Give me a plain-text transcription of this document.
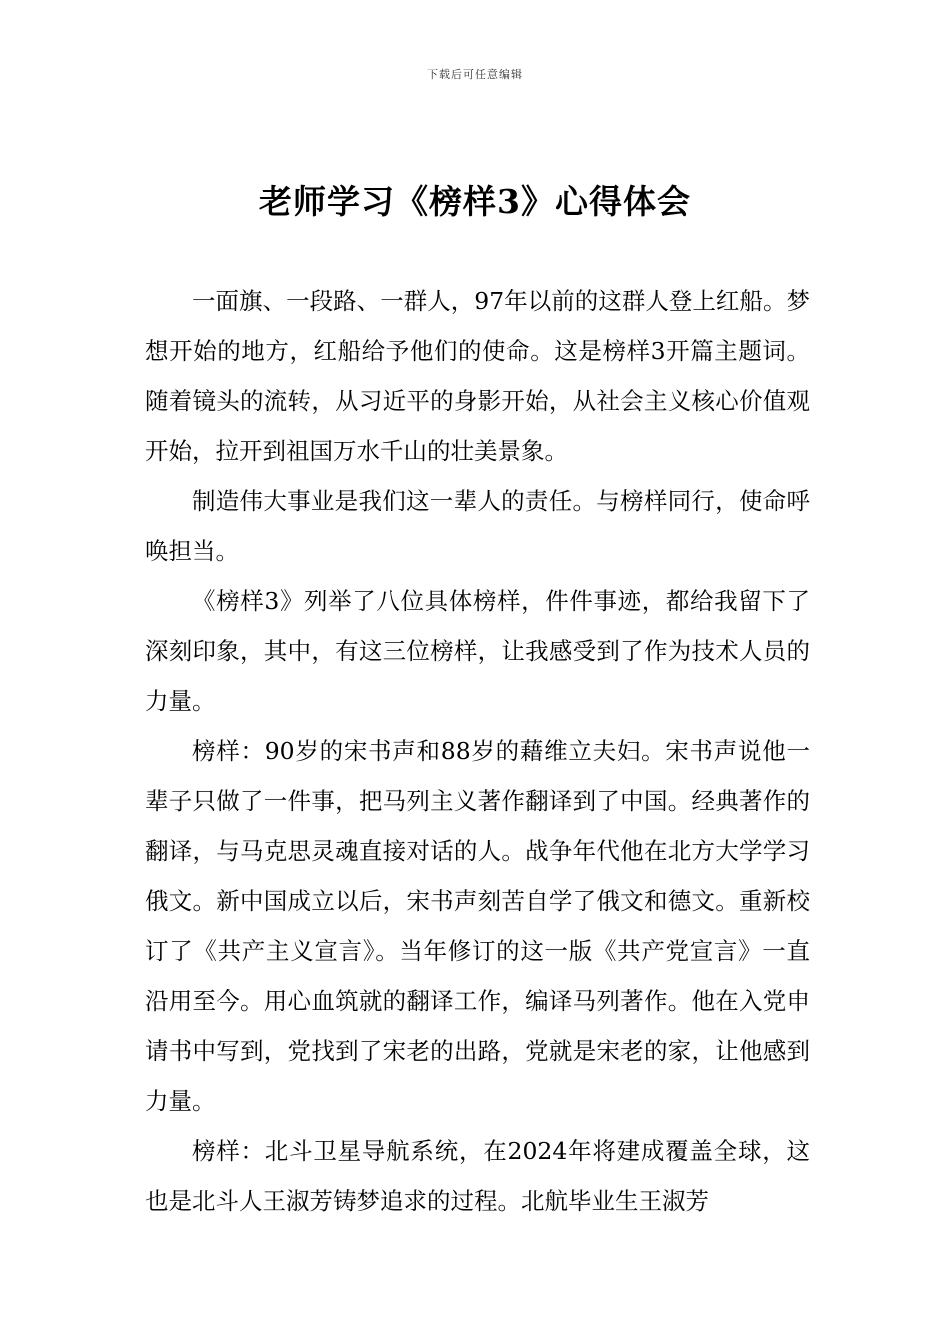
下载后可任意编辑
老师学习《榜样3》心得体会

一面旗、一段路、一群人，97年以前的这群人登上红船。梦想开始的地方，红船给予他们的使命。这是榜样3开篇主题词。随着镜头的流转，从习近平的身影开始，从社会主义核心价值观开始，拉开到祖国万水千山的壮美景象。

制造伟大事业是我们这一辈人的责任。与榜样同行，使命呼唤担当。

《榜样3》列举了八位具体榜样，件件事迹，都给我留下了深刻印象，其中，有这三位榜样，让我感受到了作为技术人员的力量。

榜样：90岁的宋书声和88岁的藉维立夫妇。宋书声说他一辈子只做了一件事，把马列主义著作翻译到了中国。经典著作的翻译，与马克思灵魂直接对话的人。战争年代他在北方大学学习俄文。新中国成立以后，宋书声刻苦自学了俄文和德文。重新校订了《共产主义宣言》。当年修订的这一版《共产党宣言》一直沿用至今。用心血筑就的翻译工作，编译马列著作。他在入党申请书中写到，党找到了宋老的出路，党就是宋老的家，让他感到力量。

榜样：北斗卫星导航系统，在2024年将建成覆盖全球，这也是北斗人王淑芳铸梦追求的过程。北航毕业生王淑芳
